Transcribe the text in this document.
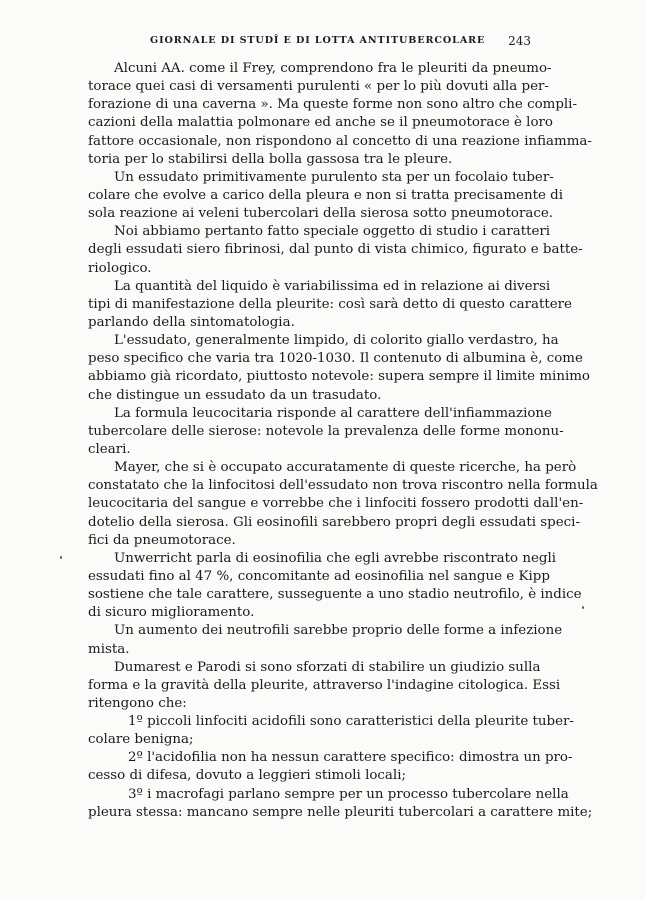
GIORNALE DI STUDÎ E DI LOTTA ANTITUBERCOLARE 243

Alcuni AA. come il Frey, comprendono fra le pleuriti da pneumo-
torace quei casi di versamenti purulenti « per lo più dovuti alla per-
forazione di una caverna ». Ma queste forme non sono altro che compli-
cazioni della malattia polmonare ed anche se il pneumotorace è loro
fattore occasionale, non rispondono al concetto di una reazione infiamma-
toria per lo stabilirsi della bolla gassosa tra le pleure.

Un essudato primitivamente purulento sta per un focolaio tuber-
colare che evolve a carico della pleura e non si tratta precisamente di
sola reazione ai veleni tubercolari della sierosa sotto pneumotorace.

Noi abbiamo pertanto fatto speciale oggetto di studio i caratteri
degli essudati siero fibrinosi, dal punto di vista chimico, figurato e batte-
riologico.

La quantità del liquido è variabilissima ed in relazione ai diversi
tipi di manifestazione della pleurite: così sarà detto di questo carattere
parlando della sintomatologia.

L'essudato, generalmente limpido, di colorito giallo verdastro, ha
peso specifico che varia tra 1020-1030. Il contenuto di albumina è, come
abbiamo già ricordato, piuttosto notevole: supera sempre il limite minimo
che distingue un essudato da un trasudato.

La formula leucocitaria risponde al carattere dell'infiammazione
tubercolare delle sierose: notevole la prevalenza delle forme mononu-
cleari.

Mayer, che si è occupato accuratamente di queste ricerche, ha però
constatato che la linfocitosi dell'essudato non trova riscontro nella formula
leucocitaria del sangue e vorrebbe che i linfociti fossero prodotti dall'en-
dotelio della sierosa. Gli eosinofili sarebbero propri degli essudati speci-
fici da pneumotorace.

Unwerricht parla di eosinofilia che egli avrebbe riscontrato negli
essudati fino al 47 %, concomitante ad eosinofilia nel sangue e Kipp
sostiene che tale carattere, susseguente a uno stadio neutrofilo, è indice
di sicuro miglioramento.

Un aumento dei neutrofili sarebbe proprio delle forme a infezione
mista.

Dumarest e Parodi si sono sforzati di stabilire un giudizio sulla
forma e la gravità della pleurite, attraverso l'indagine citologica. Essi
ritengono che:

1º piccoli linfociti acidofili sono caratteristici della pleurite tuber-
colare benigna;

2º l'acidofilia non ha nessun carattere specifico: dimostra un pro-
cesso di difesa, dovuto a leggieri stimoli locali;

3º i macrofagi parlano sempre per un processo tubercolare nella
pleura stessa: mancano sempre nelle pleuriti tubercolari a carattere mite;
